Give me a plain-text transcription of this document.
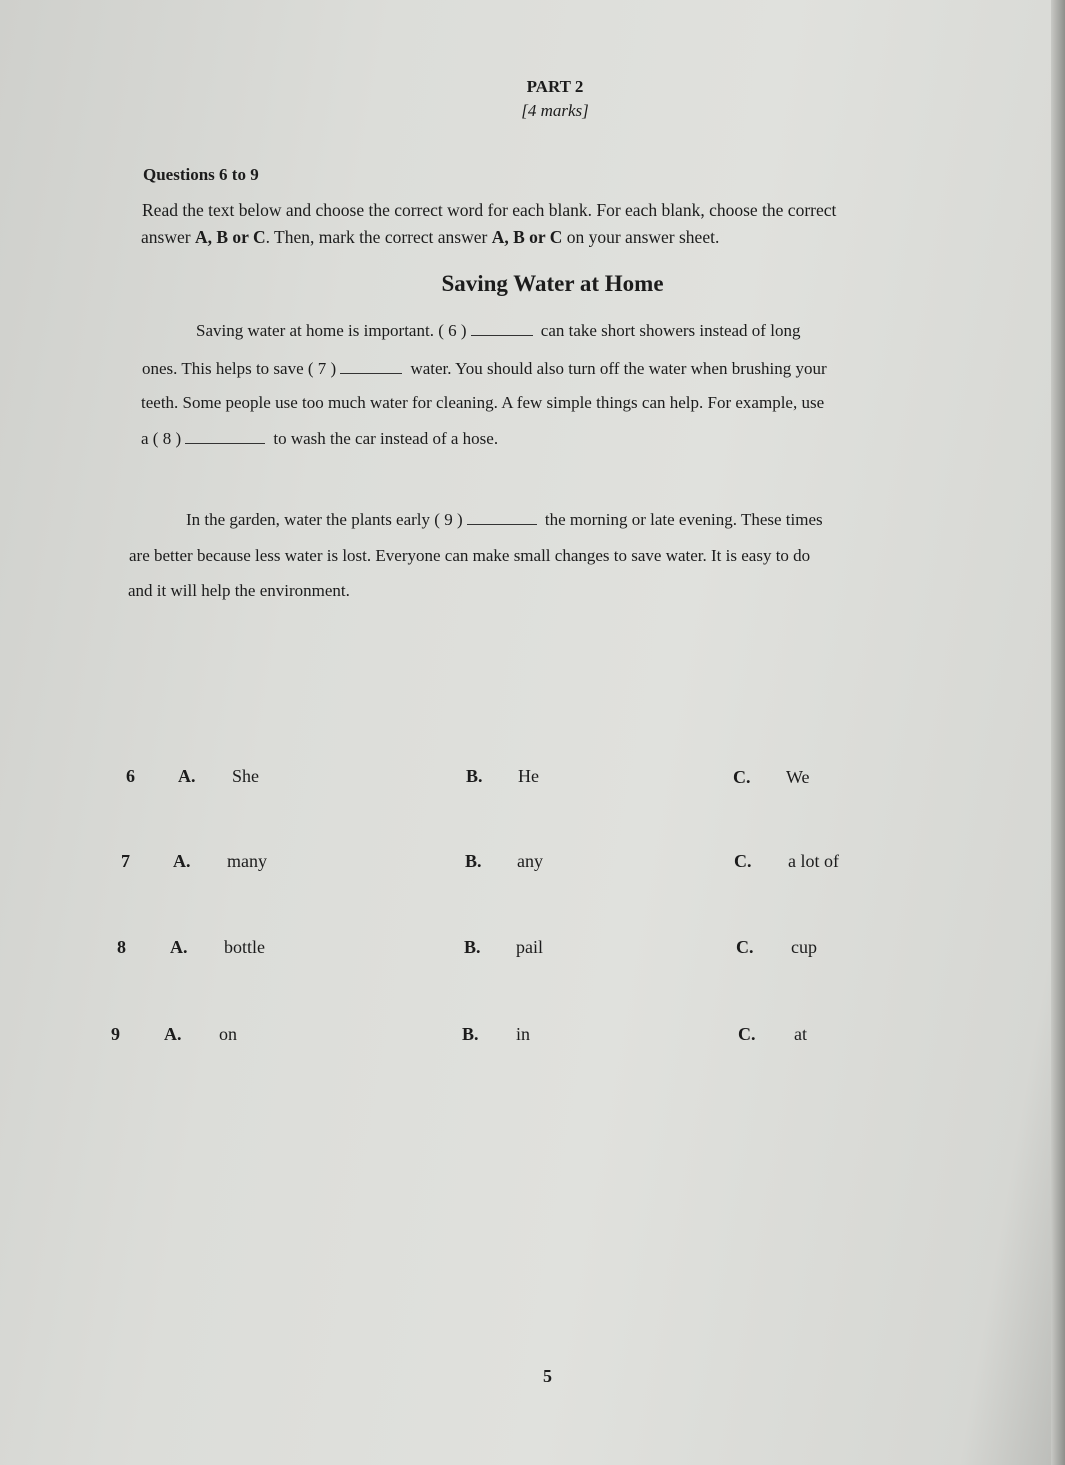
PART 2
[4 marks]
Questions 6 to 9
Read the text below and choose the correct word for each blank. For each blank, choose the correct
answer A, B or C. Then, mark the correct answer A, B or C on your answer sheet.
Saving Water at Home
Saving water at home is important. ( 6 )	can take short showers instead of long
ones. This helps to save ( 7 )	water. You should also turn off the water when brushing your
teeth. Some people use too much water for cleaning. A few simple things can help. For example, use
a ( 8 )	to wash the car instead of a hose.
In the garden, water the plants early ( 9 )	the morning or late evening. These times
are better because less water is lost. Everyone can make small changes to save water. It is easy to do
and it will help the environment.
6 A. She	B. He	C. We
7 A. many	B. any	C. a lot of
8 A. bottle	B. pail	C. cup
9 A. on	B. in	C. at
5
